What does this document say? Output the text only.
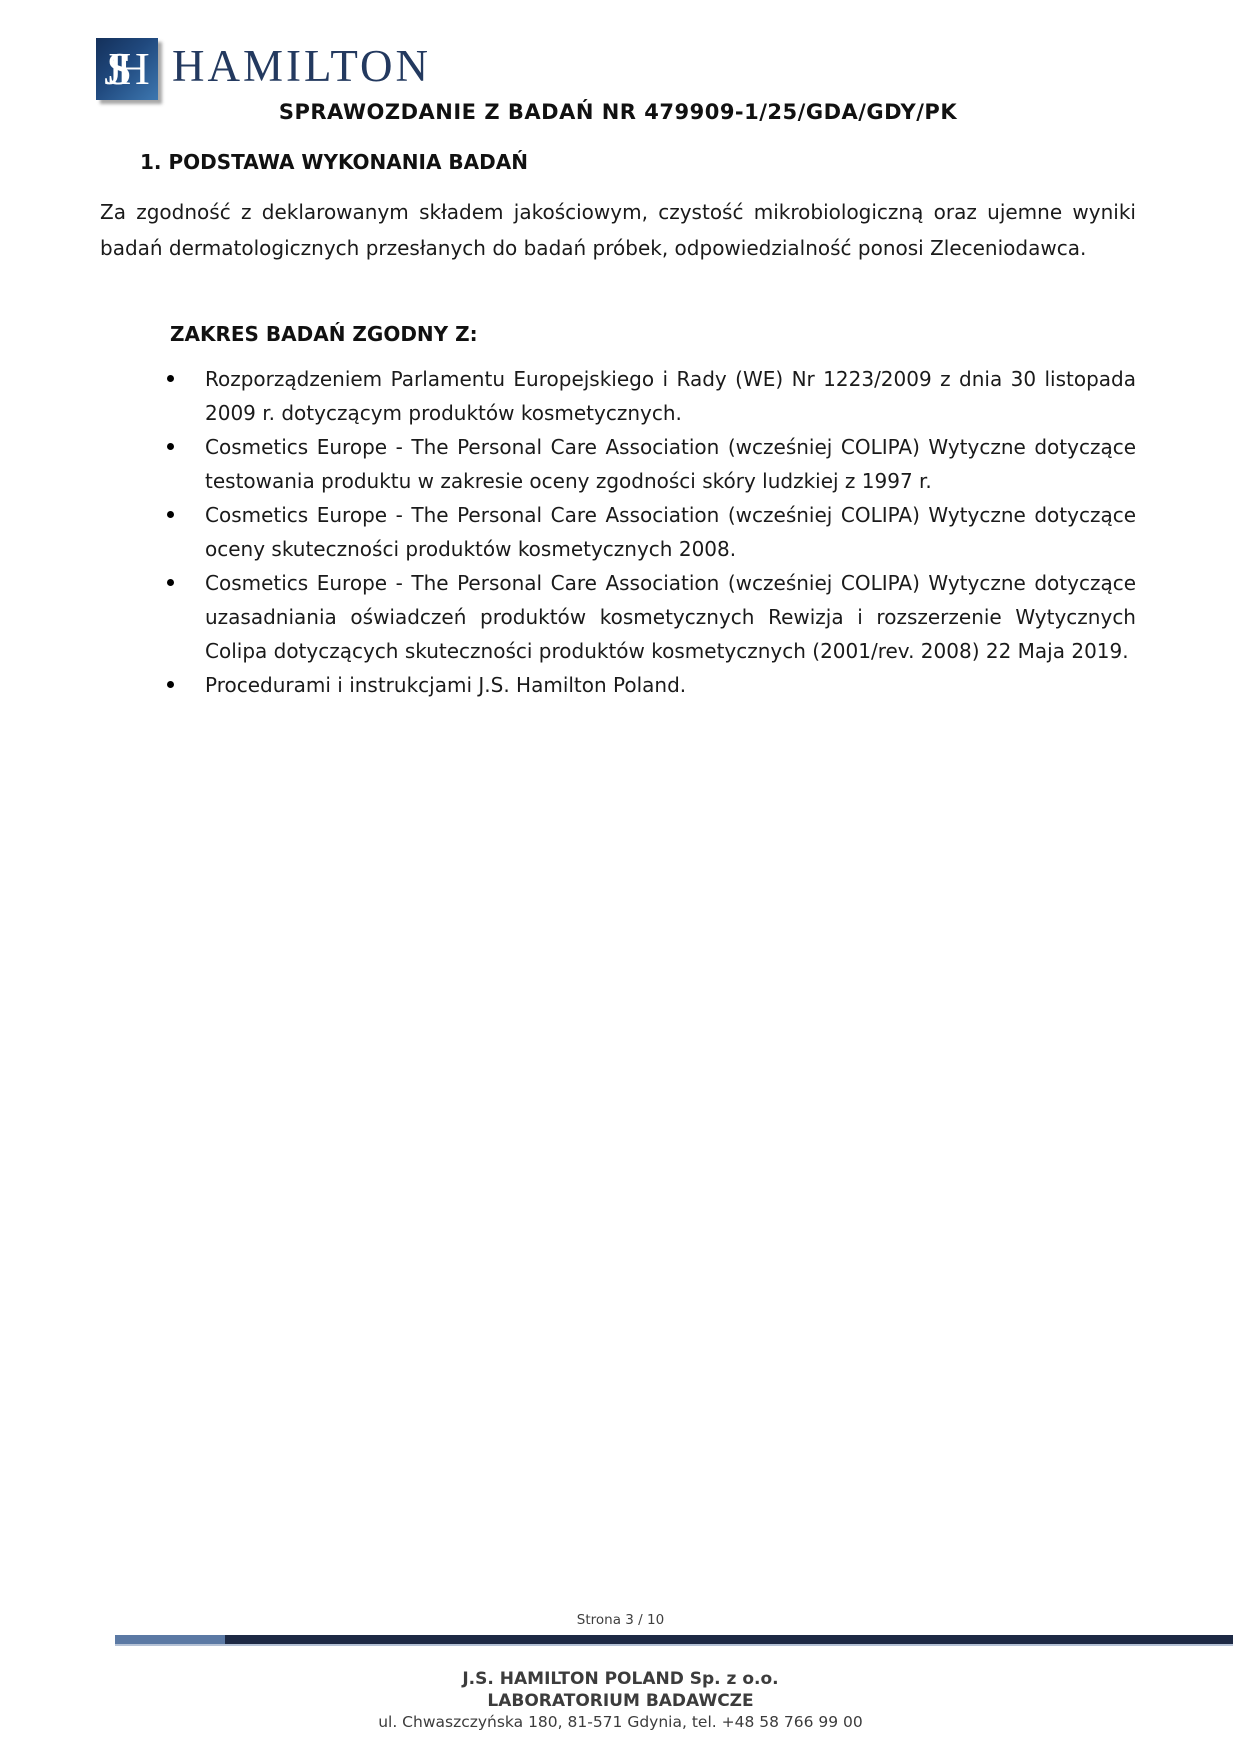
JSH HAMILTON
SPRAWOZDANIE Z BADAŃ NR 479909-1/25/GDA/GDY/PK
1. PODSTAWA WYKONANIA BADAŃ

Za zgodność z deklarowanym składem jakościowym, czystość mikrobiologiczną oraz ujemne wyniki badań dermatologicznych przesłanych do badań próbek, odpowiedzialność ponosi Zleceniodawca.

ZAKRES BADAŃ ZGODNY Z:
Rozporządzeniem Parlamentu Europejskiego i Rady (WE) Nr 1223/2009 z dnia 30 listopada 2009 r. dotyczącym produktów kosmetycznych.
Cosmetics Europe - The Personal Care Association (wcześniej COLIPA) Wytyczne dotyczące testowania produktu w zakresie oceny zgodności skóry ludzkiej z 1997 r.
Cosmetics Europe - The Personal Care Association (wcześniej COLIPA) Wytyczne dotyczące oceny skuteczności produktów kosmetycznych 2008.
Cosmetics Europe - The Personal Care Association (wcześniej COLIPA) Wytyczne dotyczące uzasadniania oświadczeń produktów kosmetycznych Rewizja i rozszerzenie Wytycznych Colipa dotyczących skuteczności produktów kosmetycznych (2001/rev. 2008) 22 Maja 2019.
Procedurami i instrukcjami J.S. Hamilton Poland.
Strona 3 / 10
J.S. HAMILTON POLAND Sp. z o.o.
LABORATORIUM BADAWCZE
ul. Chwaszczyńska 180, 81-571 Gdynia, tel. +48 58 766 99 00
